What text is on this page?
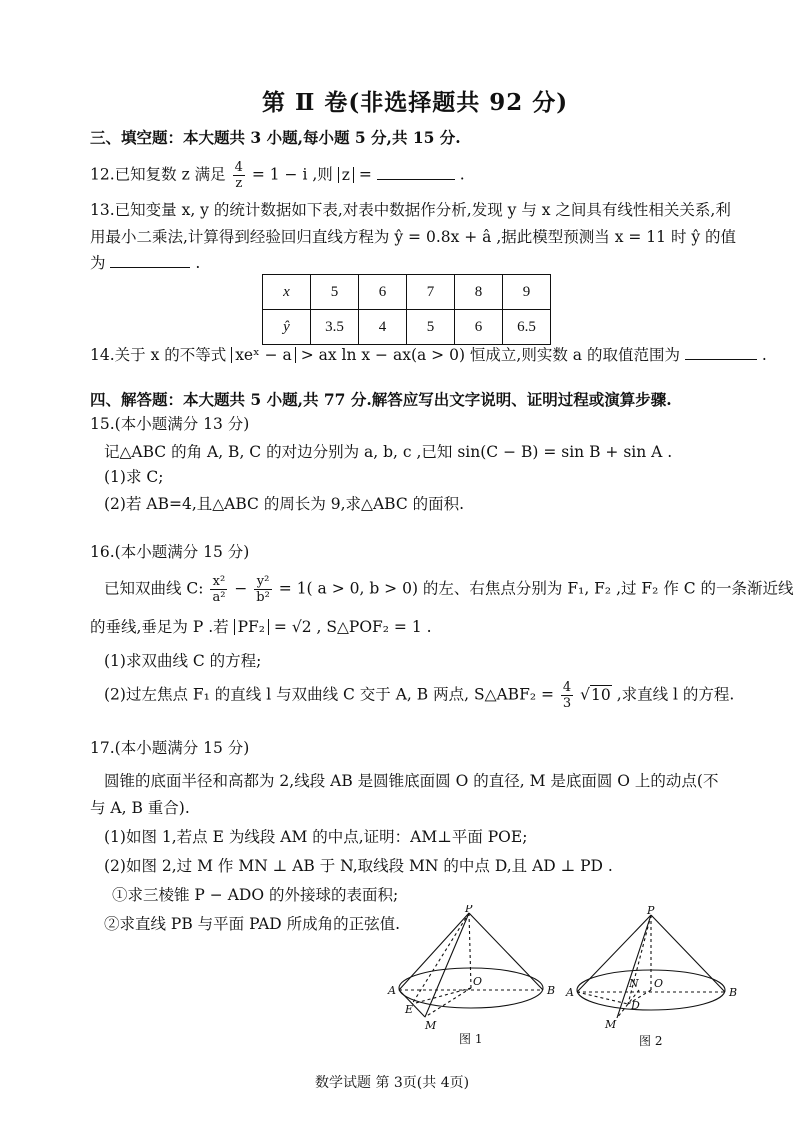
第 Ⅱ 卷(非选择题共 92 分)
三、填空题：本大题共 3 小题,每小题 5 分,共 15 分.
12.已知复数 z 满足 $\frac{4}{z} = 1 - i$ ,则 z =	.
13.已知变量 x, y 的统计数据如下表,对表中数据作分析,发现 y 与 x 之间具有线性相关关系,利
用最小二乘法,计算得到经验回归直线方程为 ŷ = 0.8x + â ,据此模型预测当 x = 11 时 ŷ 的值
为	.
x	5	6	7	8	9
ŷ	3.5	4	5	6	6.5
14.关于 x 的不等式 xeˣ − a > ax ln x − ax(a > 0) 恒成立,则实数 a 的取值范围为	.
四、解答题：本大题共 5 小题,共 77 分.解答应写出文字说明、证明过程或演算步骤.
15.(本小题满分 13 分)
记△ABC 的角 A, B, C 的对边分别为 a, b, c ,已知 sin(C − B) = sin B + sin A .
(1)求 C;
(2)若 AB=4,且△ABC 的周长为 9,求△ABC 的面积.
16.(本小题满分 15 分)
已知双曲线 C: $\frac{\text{x²}}{\text{a²}} - \frac{\text{y²}}{\text{b²}} = 1$( a > 0, b > 0) 的左、右焦点分别为 F₁, F₂ ,过 F₂ 作 C 的一条渐近线
的垂线,垂足为 P .若 PF₂ = √2 , S△POF₂ = 1 .
(1)求双曲线 C 的方程;
(2)过左焦点 F₁ 的直线 l 与双曲线 C 交于 A, B 两点, S△ABF₂ = $\frac{4}{3} √10$ ,求直线 l 的方程.
17.(本小题满分 15 分)
圆锥的底面半径和高都为 2,线段 AB 是圆锥底面圆 O 的直径, M 是底面圆 O 上的动点(不
与 A, B 重合).
(1)如图 1,若点 E 为线段 AM 的中点,证明：AM⊥平面 POE;
(2)如图 2,过 M 作 MN ⊥ AB 于 N,取线段 MN 的中点 D,且 AD ⊥ PD .
①求三棱锥 P − ADO 的外接球的表面积;
②求直线 PB 与平面 PAD 所成角的正弦值.
P
A	B
O
E
M
图 1
P
A	B
O
N
D
M
图 2
数学试题 第 3页(共 4页)
